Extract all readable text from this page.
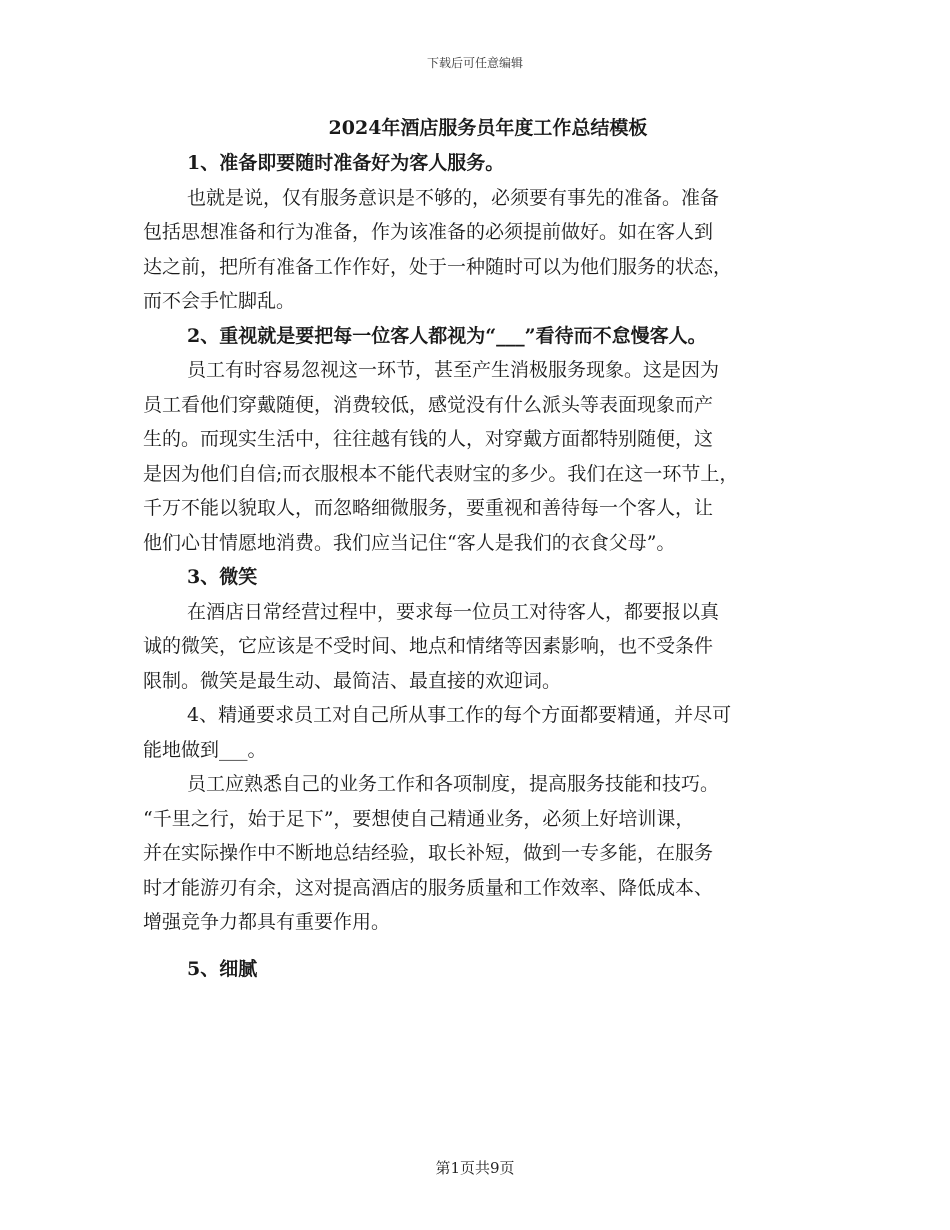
下载后可任意编辑
2024年酒店服务员年度工作总结模板

1、准备即要随时准备好为客人服务。

也就是说，仅有服务意识是不够的，必须要有事先的准备。准备

包括思想准备和行为准备，作为该准备的必须提前做好。如在客人到

达之前，把所有准备工作作好，处于一种随时可以为他们服务的状态，

而不会手忙脚乱。

2、重视就是要把每一位客人都视为“___”看待而不怠慢客人。

员工有时容易忽视这一环节，甚至产生消极服务现象。这是因为

员工看他们穿戴随便，消费较低，感觉没有什么派头等表面现象而产

生的。而现实生活中，往往越有钱的人，对穿戴方面都特别随便，这

是因为他们自信;而衣服根本不能代表财宝的多少。我们在这一环节上，

千万不能以貌取人，而忽略细微服务，要重视和善待每一个客人，让

他们心甘情愿地消费。我们应当记住“客人是我们的衣食父母”。

3、微笑

在酒店日常经营过程中，要求每一位员工对待客人，都要报以真

诚的微笑，它应该是不受时间、地点和情绪等因素影响，也不受条件

限制。微笑是最生动、最简洁、最直接的欢迎词。

4、精通要求员工对自己所从事工作的每个方面都要精通，并尽可

能地做到___。

员工应熟悉自己的业务工作和各项制度，提高服务技能和技巧。

“千里之行，始于足下”，要想使自己精通业务，必须上好培训课，

并在实际操作中不断地总结经验，取长补短，做到一专多能，在服务

时才能游刃有余，这对提高酒店的服务质量和工作效率、降低成本、

增强竞争力都具有重要作用。

5、细腻

第1页共9页
